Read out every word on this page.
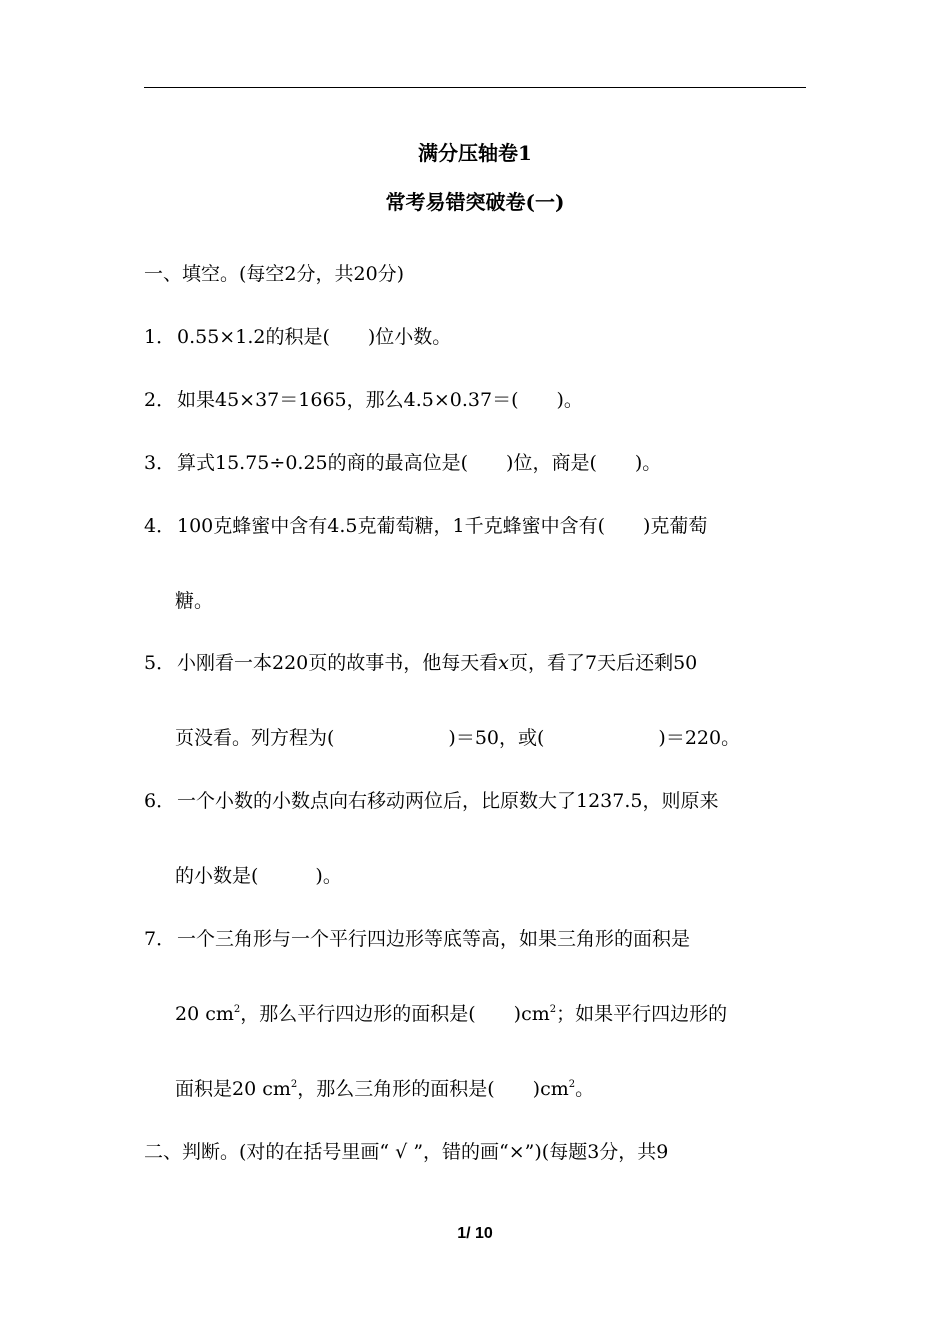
满分压轴卷1
常考易错突破卷(一)
一、填空。(每空2分，共20分)
1． 0.55×1.2的积是(　　)位小数。
2． 如果45×37＝1665，那么4.5×0.37＝(　　)。
3． 算式15.75÷0.25的商的最高位是(　　)位，商是(　　)。
4． 100克蜂蜜中含有4.5克葡萄糖，1千克蜂蜜中含有(　　)克葡萄
糖。
5． 小刚看一本220页的故事书，他每天看x页，看了7天后还剩50
页没看。列方程为(　　　　　　)＝50，或(　　　　　　)＝220。
6． 一个小数的小数点向右移动两位后，比原数大了1237.5，则原来
的小数是(　　　)。
7． 一个三角形与一个平行四边形等底等高，如果三角形的面积是
20 $cm^2$，那么平行四边形的面积是(　　)$cm^2$；如果平行四边形的
面积是20 $cm^2$，那么三角形的面积是(　　)$cm^2$。
二、判断。(对的在括号里画“ √ ”，错的画“×”)(每题3分，共9
1/ 10
